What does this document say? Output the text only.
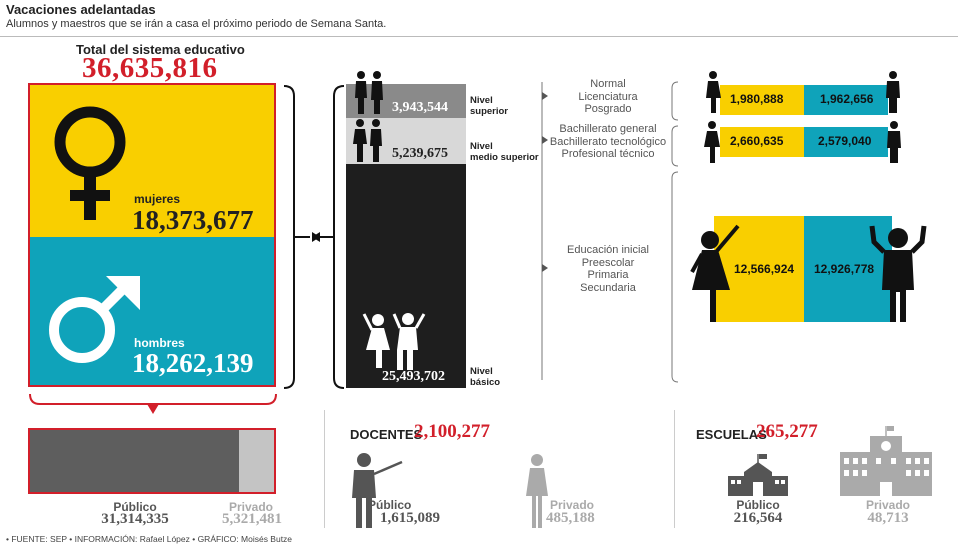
Vacaciones adelantadas
Alumnos y maestros que se irán a casa el próximo periodo de Semana Santa.
Total del sistema educativo
36,635,816
mujeres
18,373,677
hombres
18,262,139
3,943,544
5,239,675
25,493,702
Nivel
superior
Nivel
medio superior
Nivel
básico
Normal
Licenciatura
Posgrado
Bachillerato general
Bachillerato tecnológico
Profesional técnico
Educación inicial
Preescolar
Primaria
Secundaria
1,980,888	1,962,656
2,660,635	2,579,040
12,566,924 12,926,778
Público
31,314,335
Privado
5,321,481
DOCENTES
2,100,277
Público
1,615,089
Privado
485,188
ESCUELAS
265,277
Público
216,564
Privado
48,713
• FUENTE: SEP • INFORMACIÓN: Rafael López • GRÁFICO: Moisés Butze
